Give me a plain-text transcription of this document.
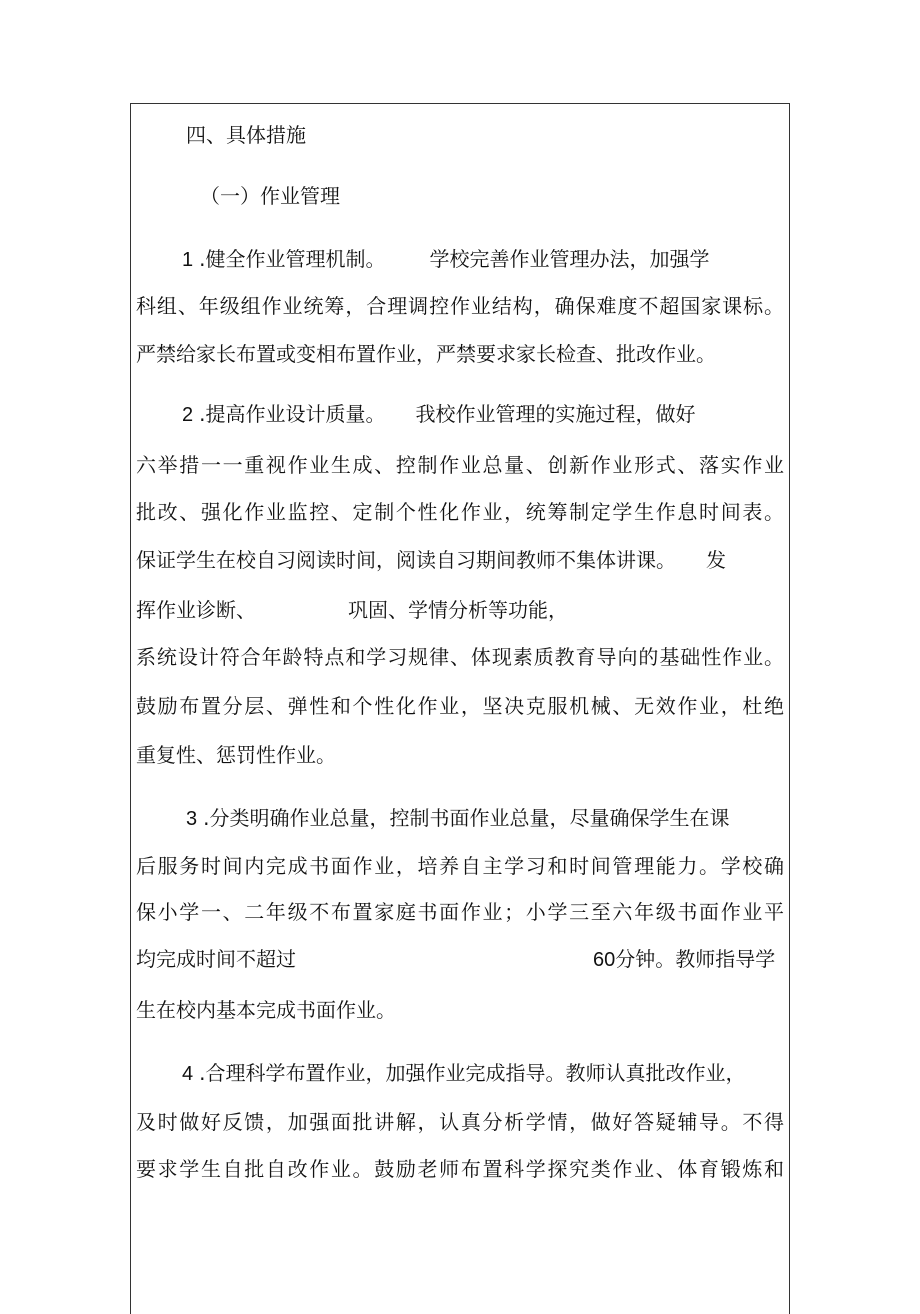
四、具体措施
（一）作业管理
1 .健全作业管理机制。 学校完善作业管理办法，加强学
科组、年级组作业统筹，合理调控作业结构，确保难度不超国家课标。
严禁给家长布置或变相布置作业，严禁要求家长检查、批改作业。
2 .提高作业设计质量。 我校作业管理的实施过程，做好
六举措一一重视作业生成、控制作业总量、创新作业形式、落实作业
批改、强化作业监控、定制个性化作业，统筹制定学生作息时间表。
保证学生在校自习阅读时间，阅读自习期间教师不集体讲课。 发
挥作业诊断、	巩固、学情分析等功能，
系统设计符合年龄特点和学习规律、体现素质教育导向的基础性作业。
鼓励布置分层、弹性和个性化作业，坚决克服机械、无效作业，杜绝
重复性、惩罚性作业。
3 .分类明确作业总量，控制书面作业总量，尽量确保学生在课
后服务时间内完成书面作业，培养自主学习和时间管理能力。学校确
保小学一、二年级不布置家庭书面作业；小学三至六年级书面作业平
均完成时间不超过	60分钟。教师指导学
生在校内基本完成书面作业。
4 .合理科学布置作业，加强作业完成指导。教师认真批改作业，
及时做好反馈，加强面批讲解，认真分析学情，做好答疑辅导。不得
要求学生自批自改作业。鼓励老师布置科学探究类作业、体育锻炼和
